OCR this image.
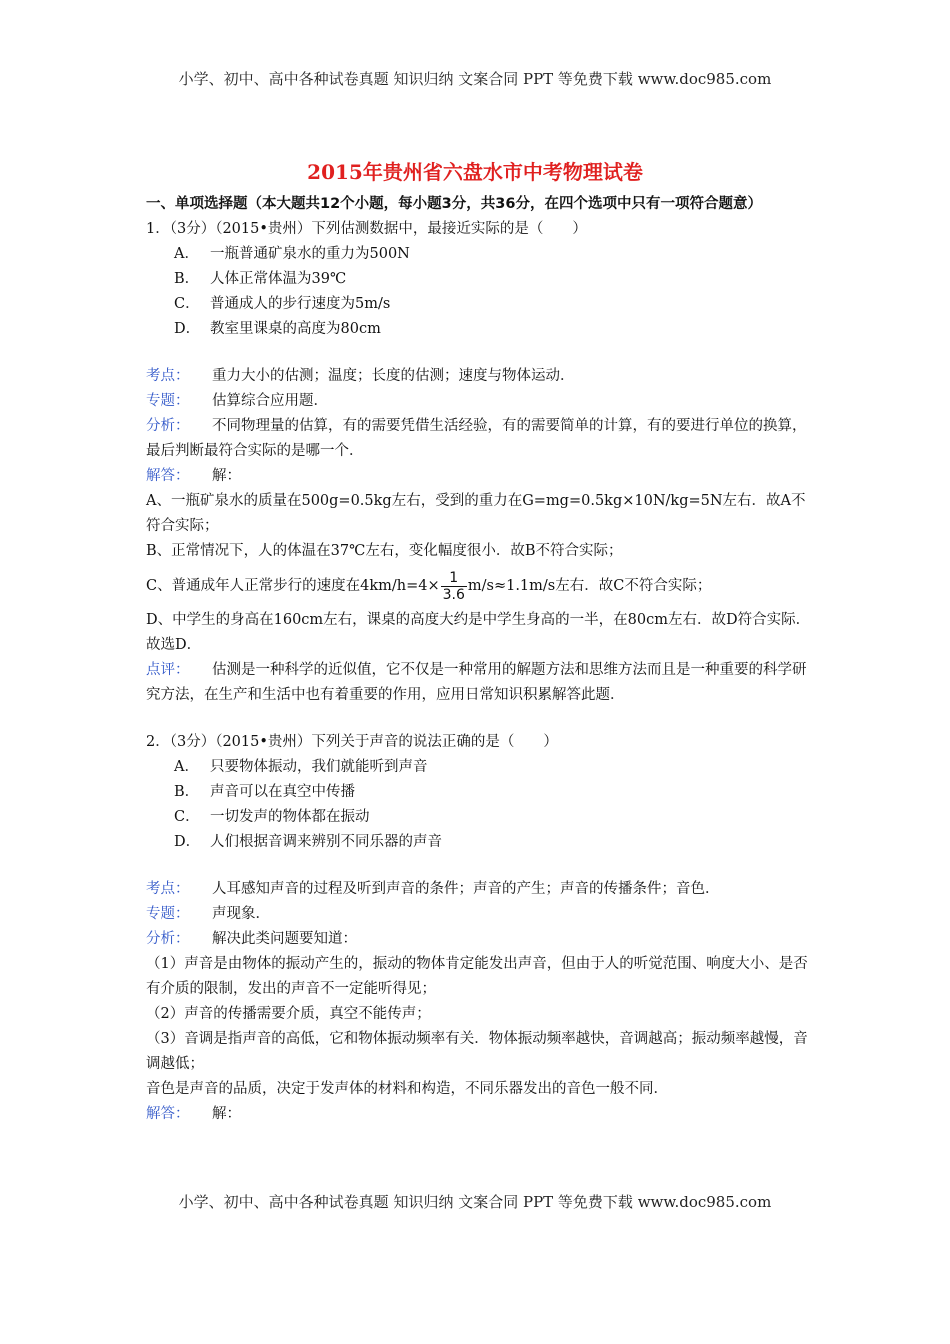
小学、初中、高中各种试卷真题 知识归纳 文案合同 PPT 等免费下载 www.doc985.com
2015年贵州省六盘水市中考物理试卷
一、单项选择题（本大题共12个小题，每小题3分，共36分，在四个选项中只有一项符合题意）
1．（3分）（2015•贵州）下列估测数据中，最接近实际的是（　　）
A． 一瓶普通矿泉水的重力为500N
B． 人体正常体温为39℃
C． 普通成人的步行速度为5m/s
D． 教室里课桌的高度为80cm
考点： 重力大小的估测；温度；长度的估测；速度与物体运动．
专题： 估算综合应用题．
分析： 不同物理量的估算，有的需要凭借生活经验，有的需要简单的计算，有的要进行单位的换算，最后判断最符合实际的是哪一个．
解答： 解：
A、一瓶矿泉水的质量在500g=0.5kg左右，受到的重力在G=mg=0.5kg×10N/kg=5N左右．故A不符合实际；
B、正常情况下，人的体温在37℃左右，变化幅度很小．故B不符合实际；
C、普通成年人正常步行的速度在$4km/h=4\times \frac{1}{3.6} m/s\approx 1.1m/s$左右．故C不符合实际；
D、中学生的身高在160cm左右，课桌的高度大约是中学生身高的一半，在80cm左右．故D符合实际．
故选D．
点评： 估测是一种科学的近似值，它不仅是一种常用的解题方法和思维方法而且是一种重要的科学研究方法，在生产和生活中也有着重要的作用，应用日常知识积累解答此题．
2．（3分）（2015•贵州）下列关于声音的说法正确的是（　　）
A． 只要物体振动，我们就能听到声音
B． 声音可以在真空中传播
C． 一切发声的物体都在振动
D． 人们根据音调来辨别不同乐器的声音
考点： 人耳感知声音的过程及听到声音的条件；声音的产生；声音的传播条件；音色．
专题： 声现象．
分析： 解决此类问题要知道：
（1）声音是由物体的振动产生的，振动的物体肯定能发出声音，但由于人的听觉范围、响度大小、是否有介质的限制，发出的声音不一定能听得见；
（2）声音的传播需要介质，真空不能传声；
（3）音调是指声音的高低，它和物体振动频率有关．物体振动频率越快，音调越高；振动频率越慢，音调越低；
音色是声音的品质，决定于发声体的材料和构造，不同乐器发出的音色一般不同．
解答： 解：
小学、初中、高中各种试卷真题 知识归纳 文案合同 PPT 等免费下载 www.doc985.com
